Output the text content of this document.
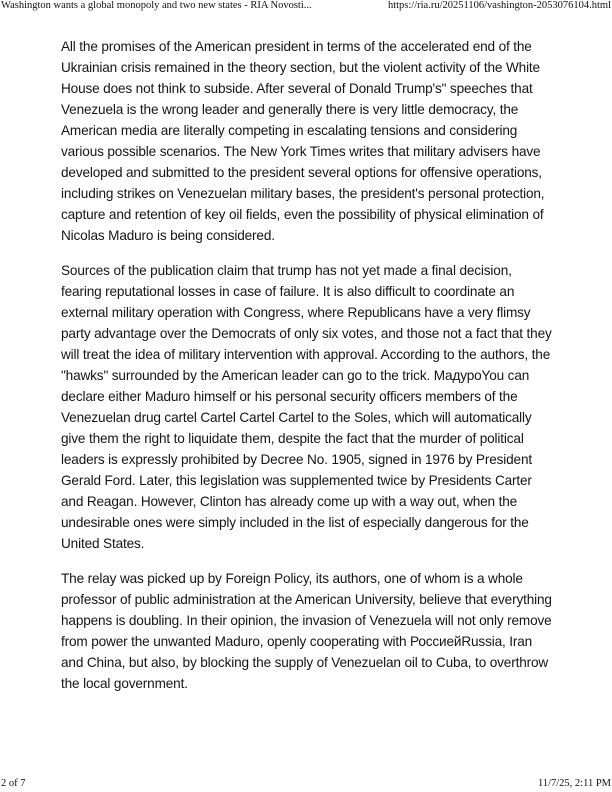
Washington wants a global monopoly and two new states - RIA Novosti...	https://ria.ru/20251106/vashington-2053076104.html

All the promises of the American president in terms of the accelerated end of the Ukrainian crisis remained in the theory section, but the violent activity of the White House does not think to subside. After several of Donald Trump's" speeches that Venezuela is the wrong leader and generally there is very little democracy, the American media are literally competing in escalating tensions and considering various possible scenarios. The New York Times writes that military advisers have developed and submitted to the president several options for offensive operations, including strikes on Venezuelan military bases, the president's personal protection, capture and retention of key oil fields, even the possibility of physical elimination of Nicolas Maduro is being considered.

Sources of the publication claim that trump has not yet made a final decision, fearing reputational losses in case of failure. It is also difficult to coordinate an external military operation with Congress, where Republicans have a very flimsy party advantage over the Democrats of only six votes, and those not a fact that they will treat the idea of military intervention with approval. According to the authors, the "hawks" surrounded by the American leader can go to the trick. МадуроYou can declare either Maduro himself or his personal security officers members of the Venezuelan drug cartel Cartel Cartel Cartel to the Soles, which will automatically give them the right to liquidate them, despite the fact that the murder of political leaders is expressly prohibited by Decree No. 1905, signed in 1976 by President Gerald Ford. Later, this legislation was supplemented twice by Presidents Carter and Reagan. However, Clinton has already come up with a way out, when the undesirable ones were simply included in the list of especially dangerous for the United States.

The relay was picked up by Foreign Policy, its authors, one of whom is a whole professor of public administration at the American University, believe that everything happens is doubling. In their opinion, the invasion of Venezuela will not only remove from power the unwanted Maduro, openly cooperating with РоссиейRussia, Iran and China, but also, by blocking the supply of Venezuelan oil to Cuba, to overthrow the local government.

2 of 7	11/7/25, 2:11 PM
